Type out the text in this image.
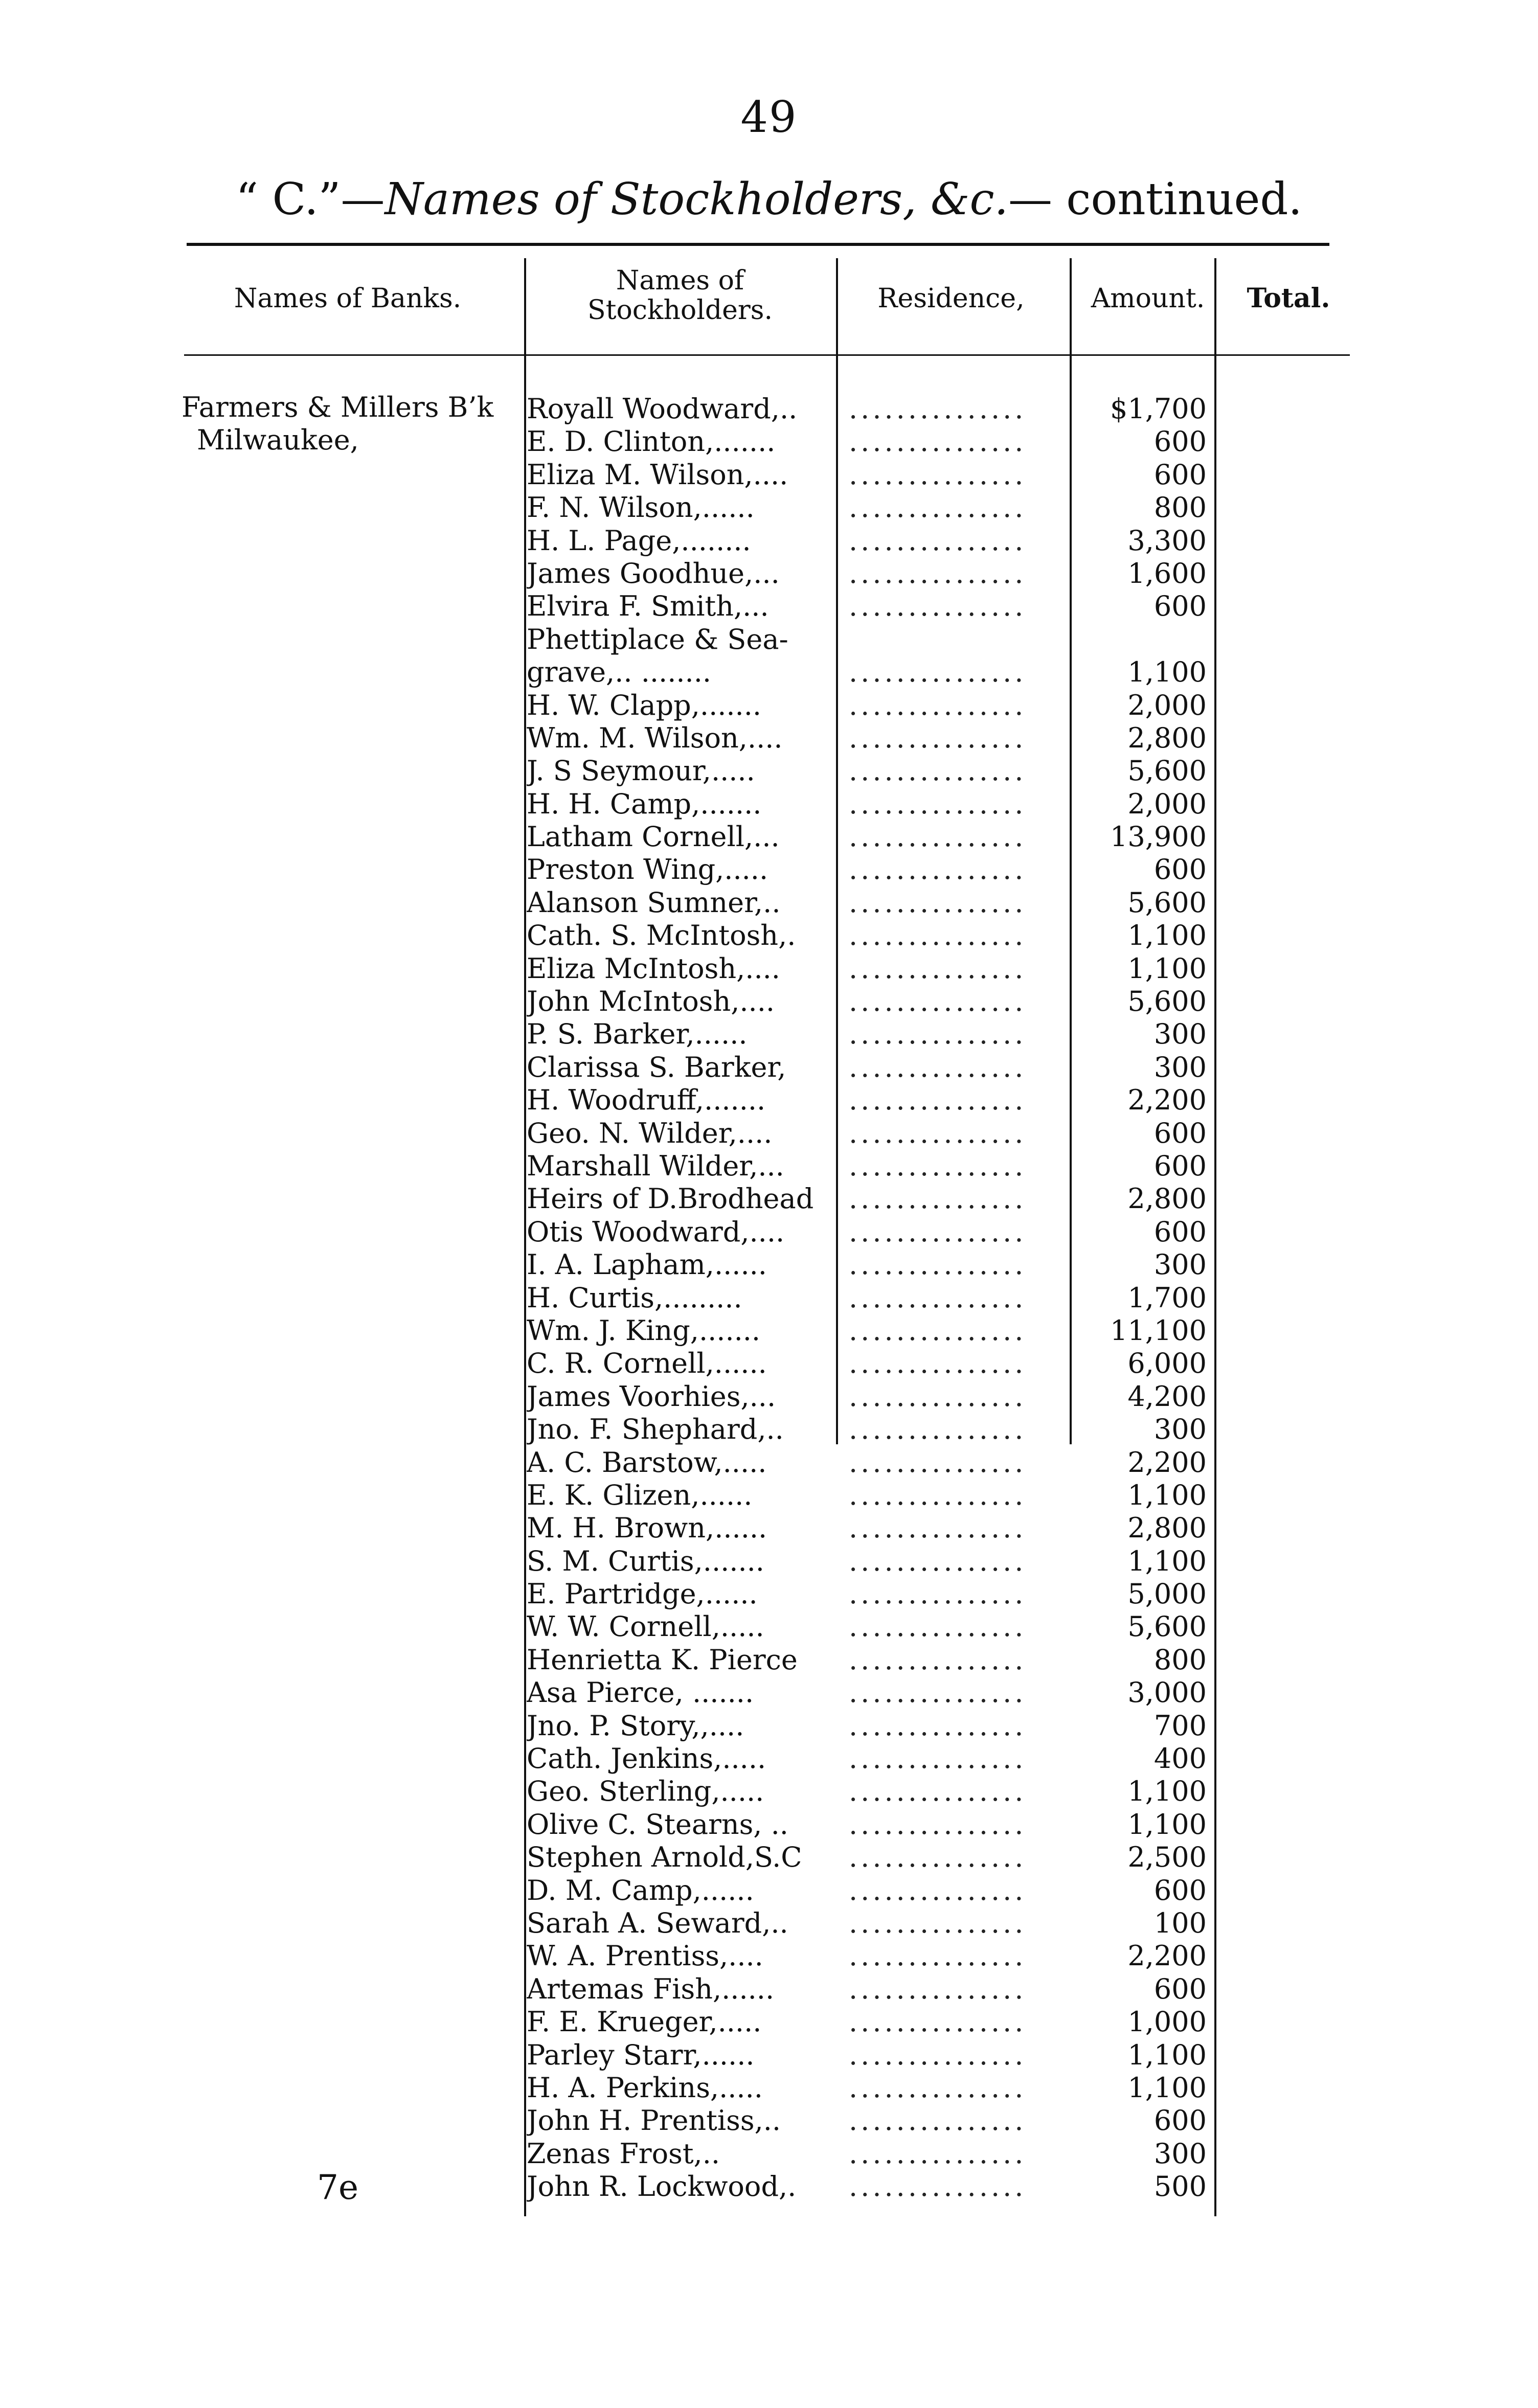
49
“ C.”—Names of Stockholders, &c.— continued.
Names of Banks.
Names of Stockholders.	Residence,	Amount.	Total.
Farmers & Millers B’k
Milwaukee,
Royall Woodward,..	...............	$1,700
E. D. Clinton,.......	...............	600
Eliza M. Wilson,....	...............	600
F. N. Wilson,......	...............	800
H. L. Page,........	...............	3,300
James Goodhue,...	...............	1,600
Elvira F. Smith,...	...............	600
Phettiplace & Sea-
grave,.. ........	...............	1,100
H. W. Clapp,.......	...............	2,000
Wm. M. Wilson,....	...............	2,800
J. S Seymour,.....	...............	5,600
H. H. Camp,.......	...............	2,000
Latham Cornell,...	...............	13,900
Preston Wing,.....	...............	600
Alanson Sumner,..	...............	5,600
Cath. S. McIntosh,.	...............	1,100
Eliza McIntosh,....	...............	1,100
John McIntosh,....	...............	5,600
P. S. Barker,......	...............	300
Clarissa S. Barker,	...............	300
H. Woodruff,.......	...............	2,200
Geo. N. Wilder,....	...............	600
Marshall Wilder,...	...............	600
Heirs of D.Brodhead	...............	2,800
Otis Woodward,....	...............	600
I. A. Lapham,......	...............	300
H. Curtis,.........	...............	1,700
Wm. J. King,.......	...............	11,100
C. R. Cornell,......	...............	6,000
James Voorhies,...	...............	4,200
Jno. F. Shephard,..	...............	300
A. C. Barstow,.....	...............	2,200
E. K. Glizen,......	...............	1,100
M. H. Brown,......	...............	2,800
S. M. Curtis,.......	...............	1,100
E. Partridge,......	...............	5,000
W. W. Cornell,.....	...............	5,600
Henrietta K. Pierce	...............	800
Asa Pierce, .......	...............	3,000
Jno. P. Story,,....	...............	700
Cath. Jenkins,.....	...............	400
Geo. Sterling,.....	...............	1,100
Olive C. Stearns, ..	...............	1,100
Stephen Arnold,S.C	...............	2,500
D. M. Camp,......	...............	600
Sarah A. Seward,..	...............	100
W. A. Prentiss,....	...............	2,200
Artemas Fish,......	...............	600
F. E. Krueger,.....	...............	1,000
Parley Starr,......	...............	1,100
H. A. Perkins,.....	...............	1,100
John H. Prentiss,..	...............	600
Zenas Frost,..	...............	300
John R. Lockwood,.	...............	500
7e
